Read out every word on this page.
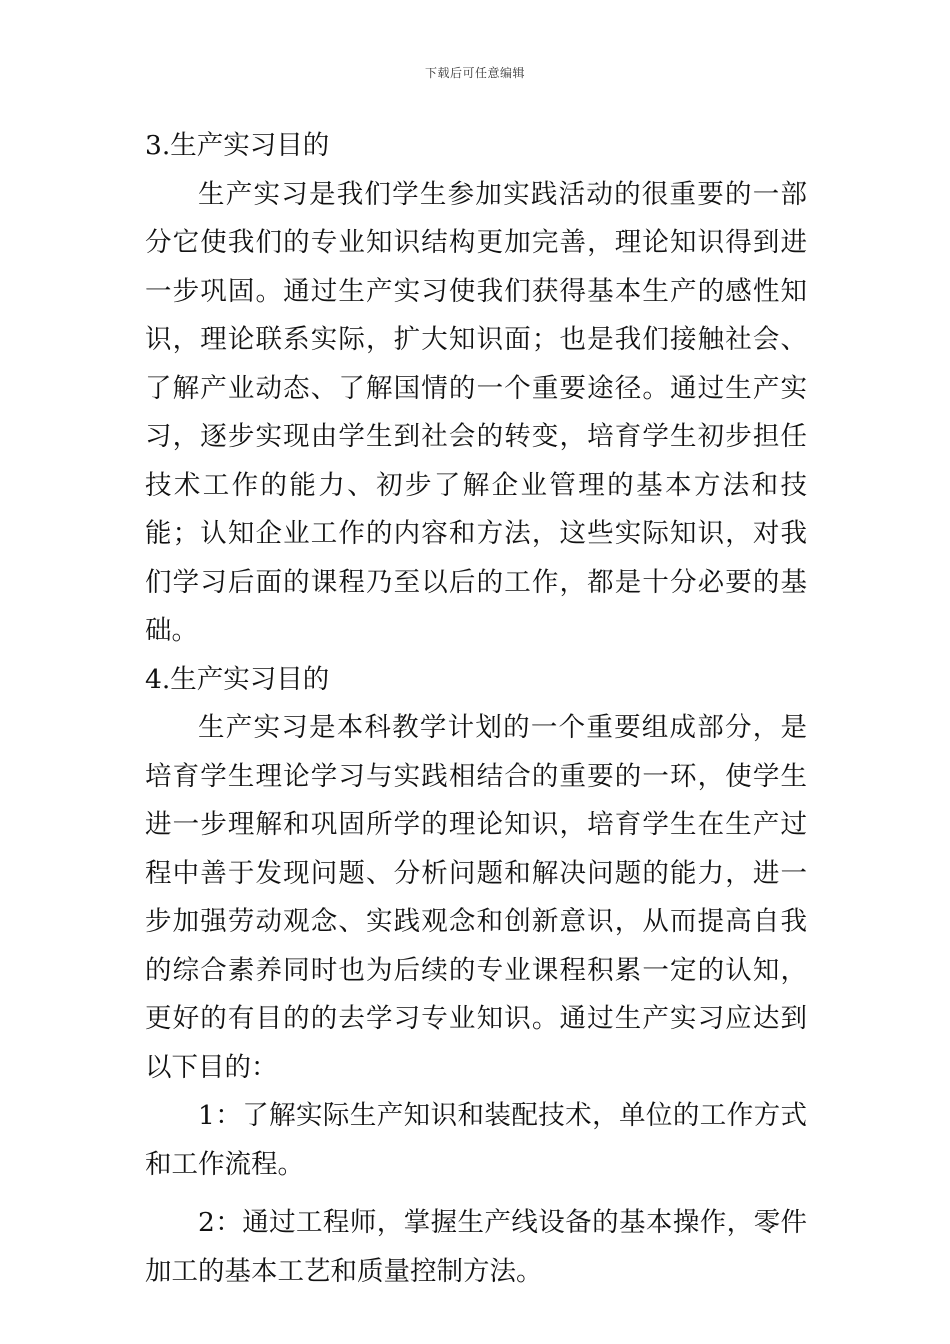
下载后可任意编辑

3.生产实习目的

生产实习是我们学生参加实践活动的很重要的一部分它使我们的专业知识结构更加完善，理论知识得到进一步巩固。通过生产实习使我们获得基本生产的感性知识，理论联系实际，扩大知识面；也是我们接触社会、了解产业动态、了解国情的一个重要途径。通过生产实习，逐步实现由学生到社会的转变，培育学生初步担任技术工作的能力、初步了解企业管理的基本方法和技能；认知企业工作的内容和方法，这些实际知识，对我们学习后面的课程乃至以后的工作，都是十分必要的基础。

4.生产实习目的

生产实习是本科教学计划的一个重要组成部分，是培育学生理论学习与实践相结合的重要的一环，使学生进一步理解和巩固所学的理论知识，培育学生在生产过程中善于发现问题、分析问题和解决问题的能力，进一步加强劳动观念、实践观念和创新意识，从而提高自我的综合素养同时也为后续的专业课程积累一定的认知，更好的有目的的去学习专业知识。通过生产实习应达到以下目的：

1：了解实际生产知识和装配技术，单位的工作方式和工作流程。

2：通过工程师，掌握生产线设备的基本操作，零件加工的基本工艺和质量控制方法。
